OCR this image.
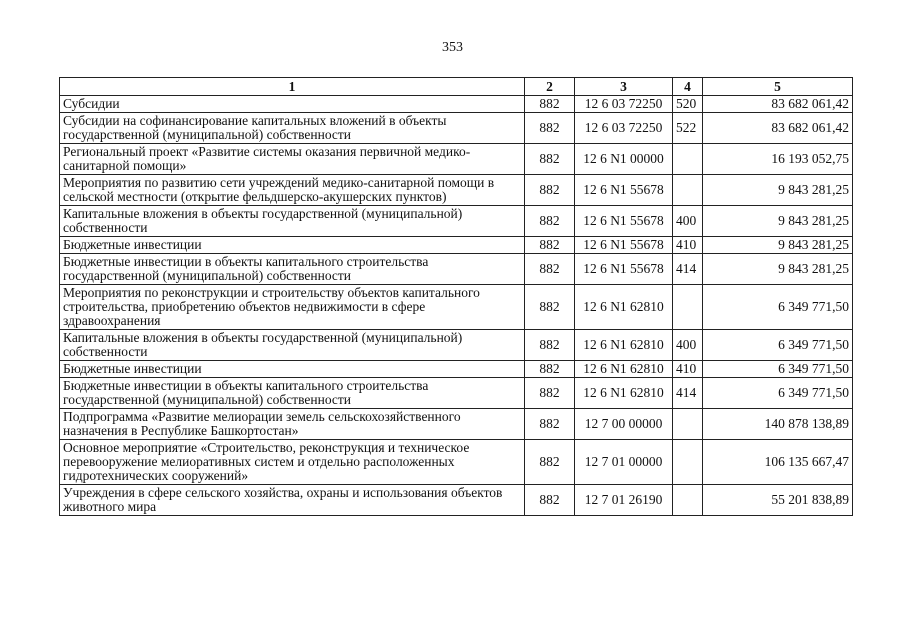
353
1	2	3	4	5
Субсидии	882	12 6 03 72250	520	83 682 061,42
Субсидии на софинансирование капитальных вложений в объекты государственной (муниципальной) собственности	882	12 6 03 72250	522	83 682 061,42
Региональный проект «Развитие системы оказания первичной медико-санитарной помощи»	882	12 6 N1 00000		16 193 052,75
Мероприятия по развитию сети учреждений медико-санитарной помощи в сельской местности (открытие фельдшерско-акушерских пунктов)	882	12 6 N1 55678		9 843 281,25
Капитальные вложения в объекты государственной (муниципальной) собственности	882	12 6 N1 55678	400	9 843 281,25
Бюджетные инвестиции	882	12 6 N1 55678	410	9 843 281,25
Бюджетные инвестиции в объекты капитального строительства государственной (муниципальной) собственности	882	12 6 N1 55678	414	9 843 281,25
Мероприятия по реконструкции и строительству объектов капитального строительства, приобретению объектов недвижимости в сфере здравоохранения	882	12 6 N1 62810		6 349 771,50
Капитальные вложения в объекты государственной (муниципальной) собственности	882	12 6 N1 62810	400	6 349 771,50
Бюджетные инвестиции	882	12 6 N1 62810	410	6 349 771,50
Бюджетные инвестиции в объекты капитального строительства государственной (муниципальной) собственности	882	12 6 N1 62810	414	6 349 771,50
Подпрограмма «Развитие мелиорации земель сельскохозяйственного назначения в Республике Башкортостан»	882	12 7 00 00000		140 878 138,89
Основное мероприятие «Строительство, реконструкция и техническое перевооружение мелиоративных систем и отдельно расположенных гидротехнических сооружений»	882	12 7 01 00000		106 135 667,47
Учреждения в сфере сельского хозяйства, охраны и использования объектов животного мира	882	12 7 01 26190		55 201 838,89
